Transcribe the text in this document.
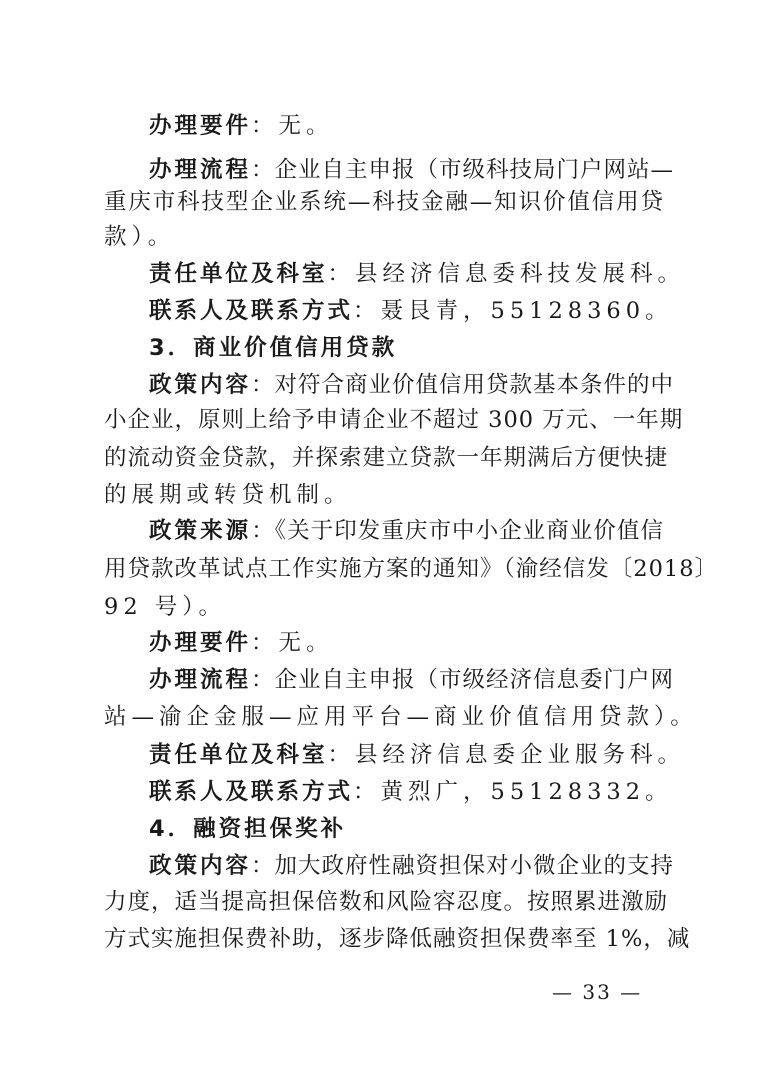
办理要件：无。
办理流程：企业自主申报（市级科技局门户网站—
重庆市科技型企业系统—科技金融—知识价值信用贷
款）。
责任单位及科室：县经济信息委科技发展科。
联系人及联系方式：聂艮青，55128360。
3．商业价值信用贷款
政策内容：对符合商业价值信用贷款基本条件的中
小企业，原则上给予申请企业不超过 300 万元、一年期
的流动资金贷款，并探索建立贷款一年期满后方便快捷
的展期或转贷机制。
政策来源：《关于印发重庆市中小企业商业价值信
用贷款改革试点工作实施方案的通知》（渝经信发〔2018〕
92 号）。
办理要件：无。
办理流程：企业自主申报（市级经济信息委门户网
站—渝企金服—应用平台—商业价值信用贷款）。
责任单位及科室：县经济信息委企业服务科。
联系人及联系方式：黄烈广，55128332。
4．融资担保奖补
政策内容：加大政府性融资担保对小微企业的支持
力度，适当提高担保倍数和风险容忍度。按照累进激励
方式实施担保费补助，逐步降低融资担保费率至 1%，减
— 33 —
